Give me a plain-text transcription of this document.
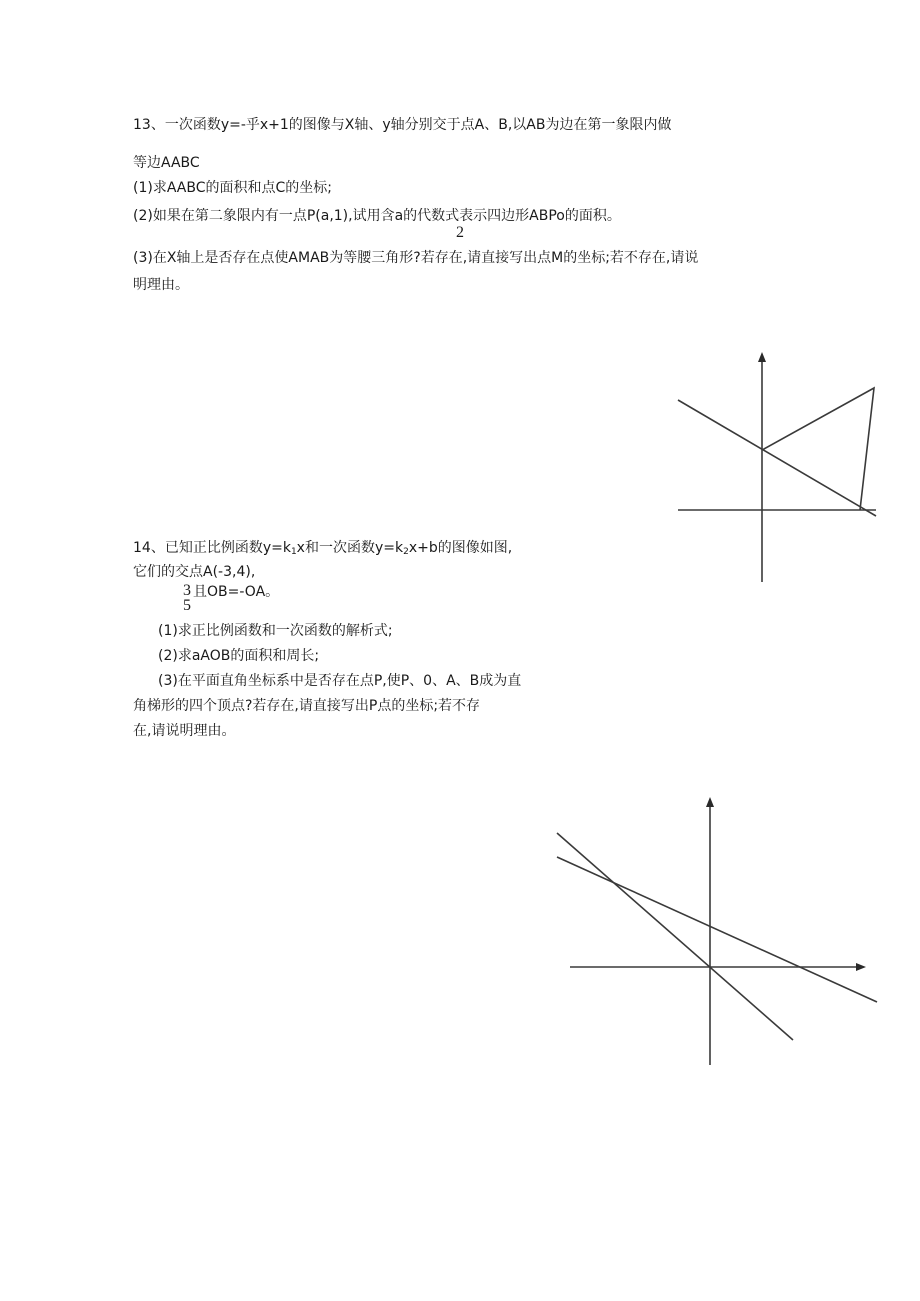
13、一次函数y=-乎x+1的图像与X轴、y轴分别交于点A、B,以AB为边在第一象限内做
等边AABC
(1)求AABC的面积和点C的坐标;
(2)如果在第二象限内有一点P(a,1),试用含a的代数式表示四边形ABPo的面积。
2
(3)在X轴上是否存在点使AMAB为等腰三角形?若存在,请直接写出点M的坐标;若不存在,请说
明理由。
14、已知正比例函数$y=k_1x$和一次函数$y=k_2x+b$的图像如图,
它们的交点A(-3,4),
3 且OB=-OA。
5
(1)求正比例函数和一次函数的解析式;
(2)求aAOB的面积和周长;
(3)在平面直角坐标系中是否存在点P,使P、0、A、B成为直
角梯形的四个顶点?若存在,请直接写出P点的坐标;若不存
在,请说明理由。
